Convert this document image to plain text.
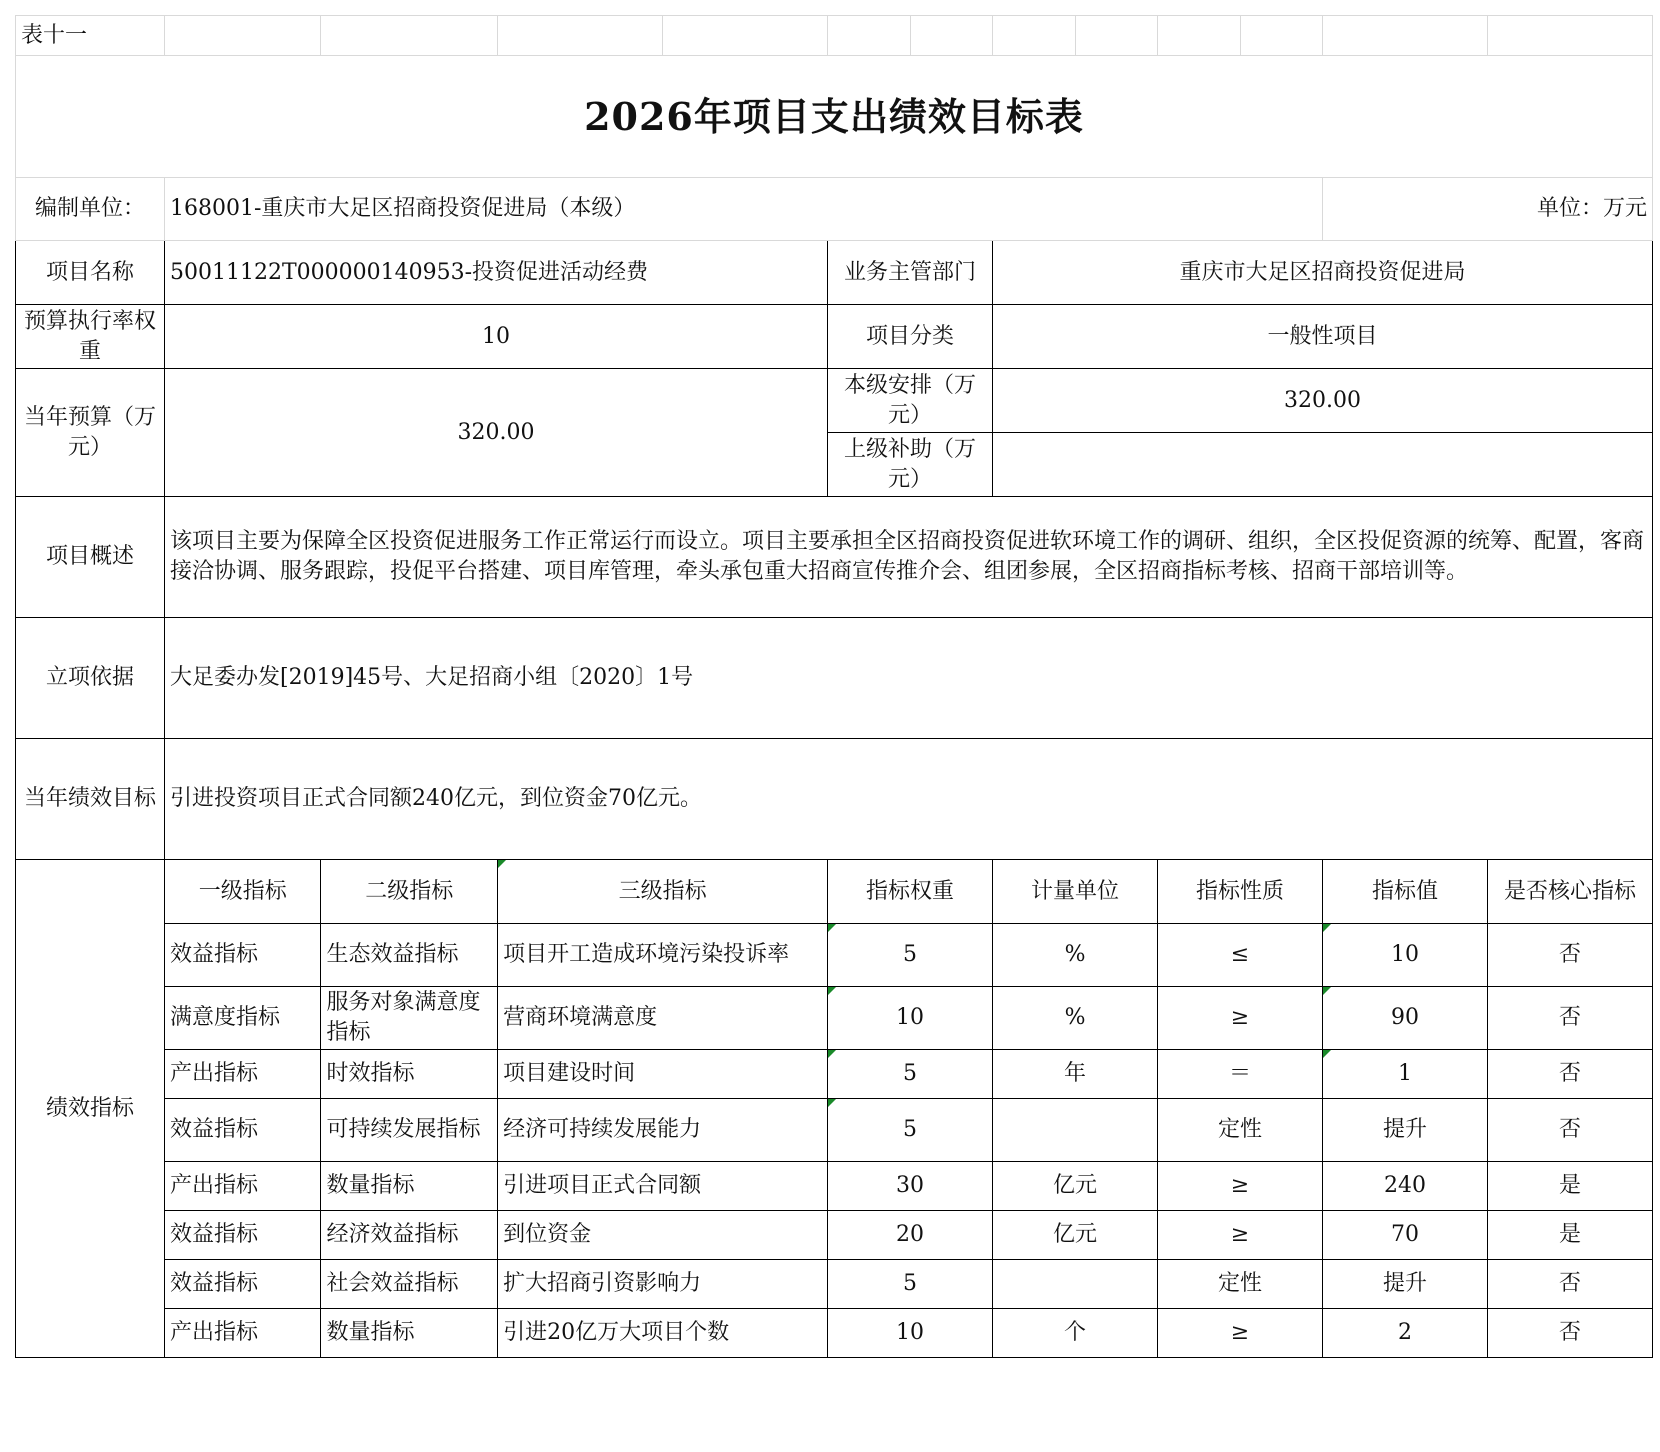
表十一												
2026年项目支出绩效目标表												
编制单位：	168001-重庆市大足区招商投资促进局（本级）										单位：万元	
项目名称	50011122T000000140953-投资促进活动经费				业务主管部门		重庆市大足区招商投资促进局					
预算执行率权重	10				项目分类		一般性项目					
当年预算（万元）	320.00				本级安排（万元）		320.00					
					上级补助（万元）							
项目概述	该项目主要为保障全区投资促进服务工作正常运行而设立。项目主要承担全区招商投资促进软环境工作的调研、组织，全区投促资源的统筹、配置，客商接洽协调、服务跟踪，投促平台搭建、项目库管理，牵头承包重大招商宣传推介会、组团参展，全区招商指标考核、招商干部培训等。											
立项依据	大足委办发[2019]45号、大足招商小组〔2020〕1号											
当年绩效目标	引进投资项目正式合同额240亿元，到位资金70亿元。											
绩效指标	一级指标	二级指标	三级指标		指标权重		计量单位		指标性质		指标值	是否核心指标
	效益指标	生态效益指标	项目开工造成环境污染投诉率		5		%		≤		10	否
	满意度指标	服务对象满意度指标	营商环境满意度		10		%		≥		90	否
	产出指标	时效指标	项目建设时间		5		年		＝		1	否
	效益指标	可持续发展指标	经济可持续发展能力		5				定性		提升	否
	产出指标	数量指标	引进项目正式合同额		30		亿元		≥		240	是
	效益指标	经济效益指标	到位资金		20		亿元		≥		70	是
	效益指标	社会效益指标	扩大招商引资影响力		5				定性		提升	否
	产出指标	数量指标	引进20亿万大项目个数		10		个		≥		2	否
